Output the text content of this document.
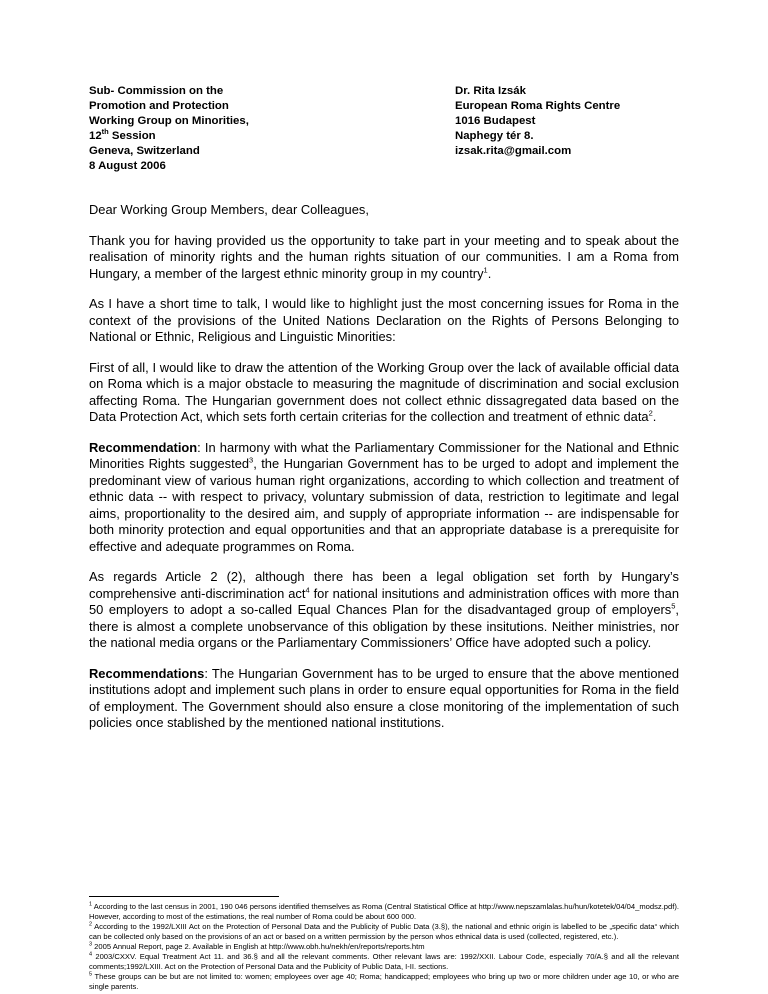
Sub- Commission on the
Promotion and Protection
Working Group on Minorities,
12th Session
Geneva, Switzerland
8 August 2006
Dr. Rita Izsák
European Roma Rights Centre
1016 Budapest
Naphegy tér 8.
izsak.rita@gmail.com

Dear Working Group Members, dear Colleagues,

Thank you for having provided us the opportunity to take part in your meeting and to speak about the realisation of minority rights and the human rights situation of our communities. I am a Roma from Hungary, a member of the largest ethnic minority group in my country$^1$.

As I have a short time to talk, I would like to highlight just the most concerning issues for Roma in the context of the provisions of the United Nations Declaration on the Rights of Persons Belonging to National or Ethnic, Religious and Linguistic Minorities:

First of all, I would like to draw the attention of the Working Group over the lack of available official data on Roma which is a major obstacle to measuring the magnitude of discrimination and social exclusion affecting Roma. The Hungarian government does not collect ethnic dissagregated data based on the Data Protection Act, which sets forth certain criterias for the collection and treatment of ethnic data$^2$.

Recommendation: In harmony with what the Parliamentary Commissioner for the National and Ethnic Minorities Rights suggested$^3$, the Hungarian Government has to be urged to adopt and implement the predominant view of various human right organizations, according to which collection and treatment of ethnic data -- with respect to privacy, voluntary submission of data, restriction to legitimate and legal aims, proportionality to the desired aim, and supply of appropriate information -- are indispensable for both minority protection and equal opportunities and that an appropriate database is a prerequisite for effective and adequate programmes on Roma.

As regards Article 2 (2), although there has been a legal obligation set forth by Hungary’s comprehensive anti-discrimination act$^4$ for national insitutions and administration offices with more than 50 employers to adopt a so-called Equal Chances Plan for the disadvantaged group of employers$^5$, there is almost a complete unobservance of this obligation by these insitutions. Neither ministries, nor the national media organs or the Parliamentary Commissioners’ Office have adopted such a policy.

Recommendations: The Hungarian Government has to be urged to ensure that the above mentioned institutions adopt and implement such plans in order to ensure equal opportunities for Roma in the field of employment. The Government should also ensure a close monitoring of the implementation of such policies once stablished by the mentioned national institutions.

$^1$ According to the last census in 2001, 190 046 persons identified themselves as Roma (Central Statistical Office at http://www.nepszamlalas.hu/hun/kotetek/04/04_modsz.pdf). However, according to most of the estimations, the real number of Roma could be about 600 000.

$^2$ According to the 1992/LXIII Act on the Protection of Personal Data and the Publicity of Public Data (3.§), the national and ethnic origin is labelled to be „specific data“ which can be collected only based on the provisions of an act or based on a written permission by the person whos ethnical data is used (collected, registered, etc.).

$^3$ 2005 Annual Report, page 2. Available in English at http://www.obh.hu/nekh/en/reports/reports.htm

$^4$ 2003/CXXV. Equal Treatment Act 11. and 36.§ and all the relevant comments. Other relevant laws are: 1992/XXII. Labour Code, especially 70/A.§ and all the relevant comments;1992/LXIII. Act on the Protection of Personal Data and the Publicity of Public Data, I-II. sections.

$^5$ These groups can be but are not limited to: women; employees over age 40; Roma; handicapped; employees who bring up two or more children under age 10, or who are single parents.
